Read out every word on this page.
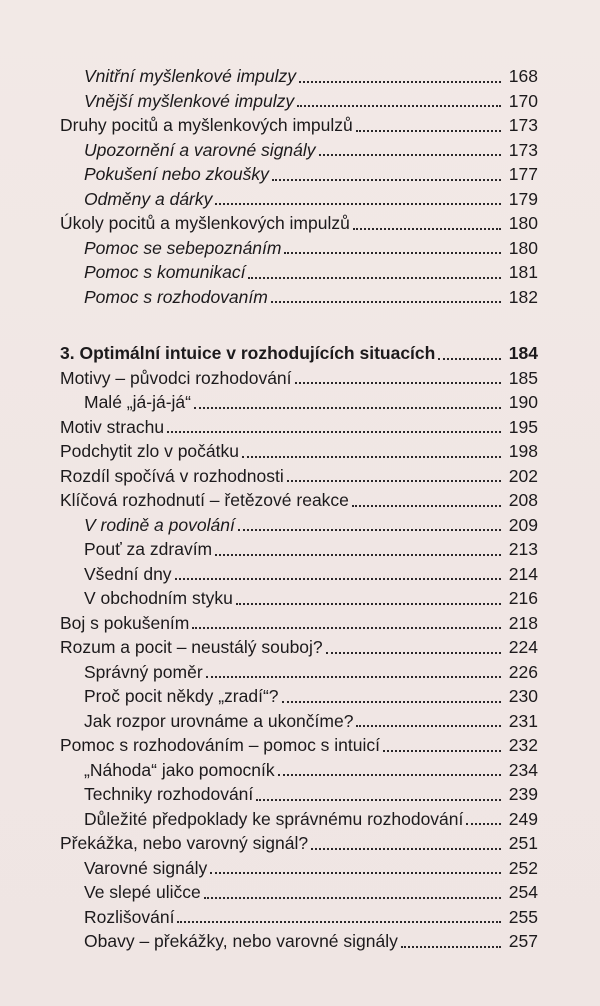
Vnitřní myšlenkové impulzy	168
Vnější myšlenkové impulzy	170
Druhy pocitů a myšlenkových impulzů	173
Upozornění a varovné signály	173
Pokušení nebo zkoušky	177
Odměny a dárky	179
Úkoly pocitů a myšlenkových impulzů	180
Pomoc se sebepoznáním	180
Pomoc s komunikací	181
Pomoc s rozhodovaním	182
3. Optimální intuice v rozhodujících situacích	184
Motivy – původci rozhodování	185
Malé „já-já-já“	190
Motiv strachu	195
Podchytit zlo v počátku	198
Rozdíl spočívá v rozhodnosti	202
Klíčová rozhodnutí – řetězové reakce	208
V rodině a povolání	209
Pouť za zdravím	213
Všední dny	214
V obchodním styku	216
Boj s pokušením	218
Rozum a pocit – neustálý souboj?	224
Správný poměr	226
Proč pocit někdy „zradí“?	230
Jak rozpor urovnáme a ukončíme?	231
Pomoc s rozhodováním – pomoc s intuicí	232
„Náhoda“ jako pomocník	234
Techniky rozhodování	239
Důležité předpoklady ke správnému rozhodování	249
Překážka, nebo varovný signál?	251
Varovné signály	252
Ve slepé uličce	254
Rozlišování	255
Obavy – překážky, nebo varovné signály	257
